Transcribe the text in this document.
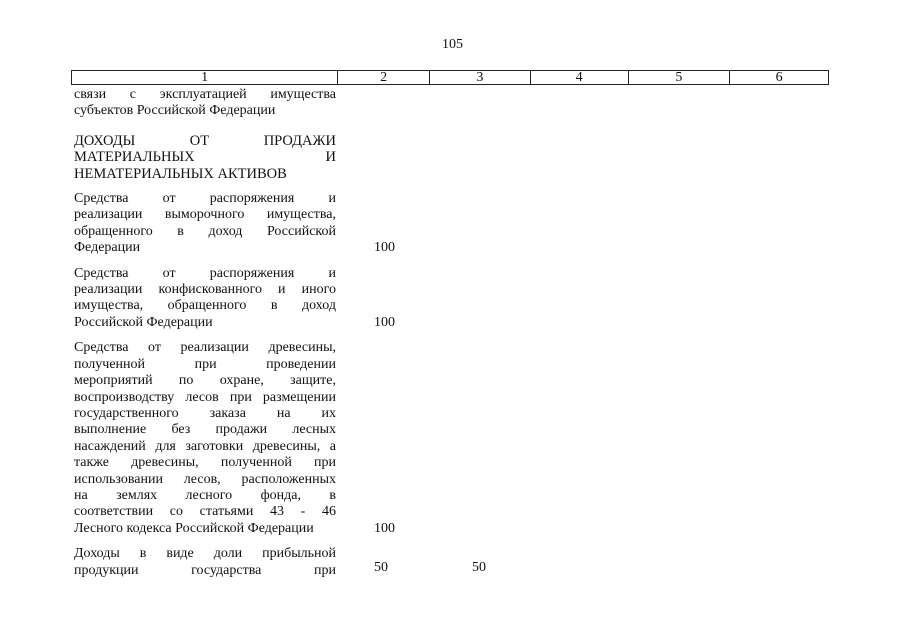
105
1	2	3	4	5	6
связи с эксплуатацией имущества
субъектов Российской Федерации
ДОХОДЫ ОТ ПРОДАЖИ
МАТЕРИАЛЬНЫХ И
НЕМАТЕРИАЛЬНЫХ АКТИВОВ
Средства от распоряжения и
реализации выморочного имущества,
обращенного в доход Российской
Федерации	100
Средства от распоряжения и
реализации конфискованного и иного
имущества, обращенного в доход
Российской Федерации	100
Средства от реализации древесины,
полученной при проведении
мероприятий по охране, защите,
воспроизводству лесов при размещении
государственного заказа на их
выполнение без продажи лесных
насаждений для заготовки древесины, а
также древесины, полученной при
использовании лесов, расположенных
на землях лесного фонда, в
соответствии со статьями 43 - 46
Лесного кодекса Российской Федерации	100
Доходы в виде доли прибыльной
продукции государства при	50	50
